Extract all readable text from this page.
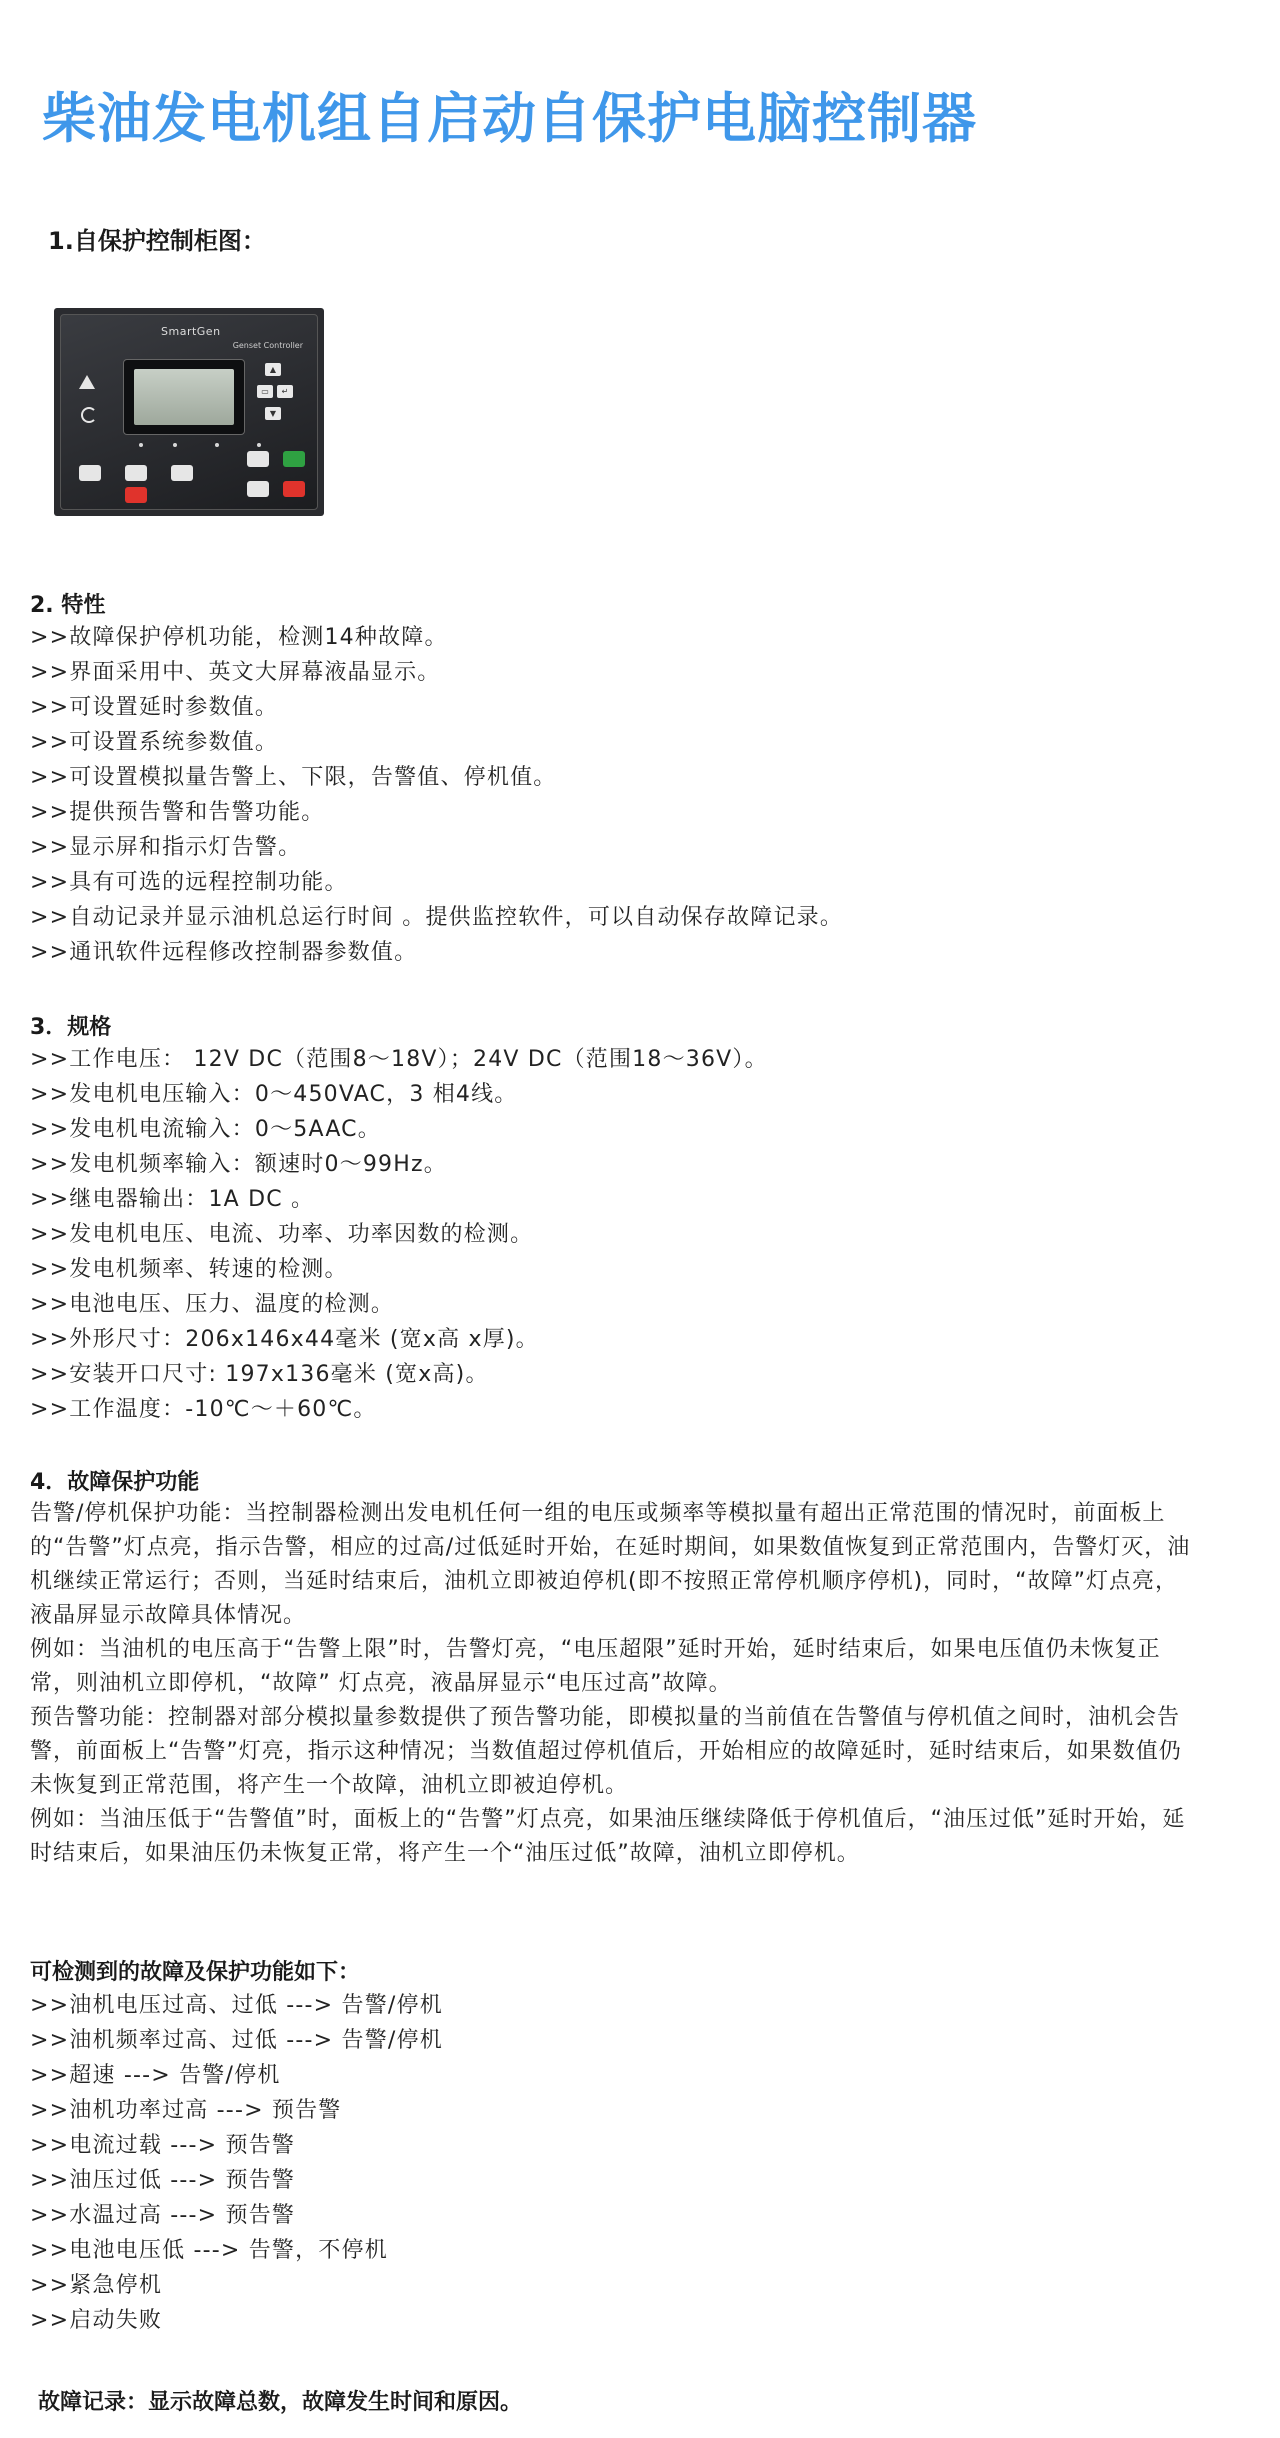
柴油发电机组自启动自保护电脑控制器
1.自保护控制柜图：
SmartGen
Genset Controller
▲
▭	↵
▼
2. 特性
>>故障保护停机功能，检测14种故障。
>>界面采用中、英文大屏幕液晶显示。
>>可设置延时参数值。
>>可设置系统参数值。
>>可设置模拟量告警上、下限，告警值、停机值。
>>提供预告警和告警功能。
>>显示屏和指示灯告警。
>>具有可选的远程控制功能。
>>自动记录并显示油机总运行时间 。提供监控软件，可以自动保存故障记录。
>>通讯软件远程修改控制器参数值。
3．规格
>>工作电压： 12V DC（范围8～18V）；24V DC（范围18～36V）。
>>发电机电压输入：0～450VAC，3 相4线。
>>发电机电流输入：0～5AAC。
>>发电机频率输入：额速时0～99Hz。
>>继电器输出：1A DC 。
>>发电机电压、电流、功率、功率因数的检测。
>>发电机频率、转速的检测。
>>电池电压、压力、温度的检测。
>>外形尺寸：206x146x44毫米 (宽x高 x厚)。
>>安装开口尺寸: 197x136毫米 (宽x高)。
>>工作温度：-10℃～＋60℃。
4．故障保护功能

告警/停机保护功能：当控制器检测出发电机任何一组的电压或频率等模拟量有超出正常范围的情况时，前面板上的“告警”灯点亮，指示告警，相应的过高/过低延时开始，在延时期间，如果数值恢复到正常范围内，告警灯灭，油机继续正常运行；否则，当延时结束后，油机立即被迫停机(即不按照正常停机顺序停机)，同时，“故障”灯点亮，液晶屏显示故障具体情况。

例如：当油机的电压高于“告警上限”时，告警灯亮，“电压超限”延时开始，延时结束后，如果电压值仍未恢复正常，则油机立即停机，“故障” 灯点亮，液晶屏显示“电压过高”故障。

预告警功能：控制器对部分模拟量参数提供了预告警功能，即模拟量的当前值在告警值与停机值之间时，油机会告警，前面板上“告警”灯亮，指示这种情况；当数值超过停机值后，开始相应的故障延时，延时结束后，如果数值仍未恢复到正常范围，将产生一个故障，油机立即被迫停机。

例如：当油压低于“告警值”时，面板上的“告警”灯点亮，如果油压继续降低于停机值后，“油压过低”延时开始，延时结束后，如果油压仍未恢复正常，将产生一个“油压过低”故障，油机立即停机。

可检测到的故障及保护功能如下：
>>油机电压过高、过低 ---> 告警/停机
>>油机频率过高、过低 ---> 告警/停机
>>超速 ---> 告警/停机
>>油机功率过高 ---> 预告警
>>电流过载 ---> 预告警
>>油压过低 ---> 预告警
>>水温过高 ---> 预告警
>>电池电压低 ---> 告警，不停机
>>紧急停机
>>启动失败
故障记录：显示故障总数，故障发生时间和原因。
